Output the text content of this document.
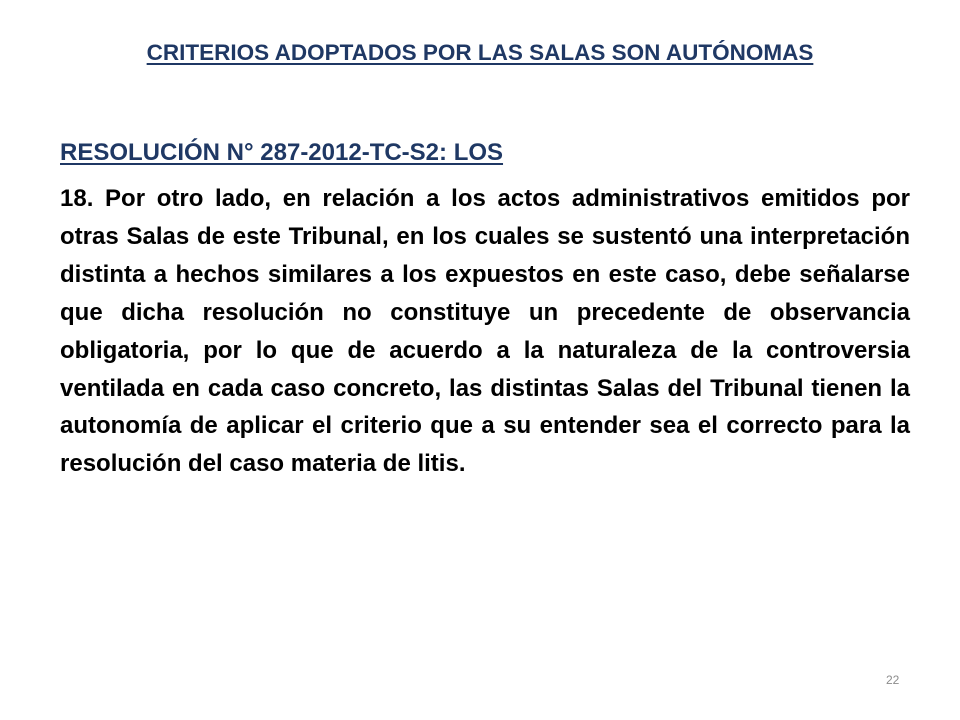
CRITERIOS ADOPTADOS POR LAS SALAS SON AUTÓNOMAS
RESOLUCIÓN N° 287-2012-TC-S2: LOS

18. Por otro lado, en relación a los actos administrativos emitidos por otras Salas de este Tribunal, en los cuales se sustentó una interpretación distinta a hechos similares a los expuestos en este caso, debe señalarse que dicha resolución no constituye un precedente de observancia obligatoria, por lo que de acuerdo a la naturaleza de la controversia ventilada en cada caso concreto, las distintas Salas del Tribunal tienen la autonomía de aplicar el criterio que a su entender sea el correcto para la resolución del caso materia de litis.

22
